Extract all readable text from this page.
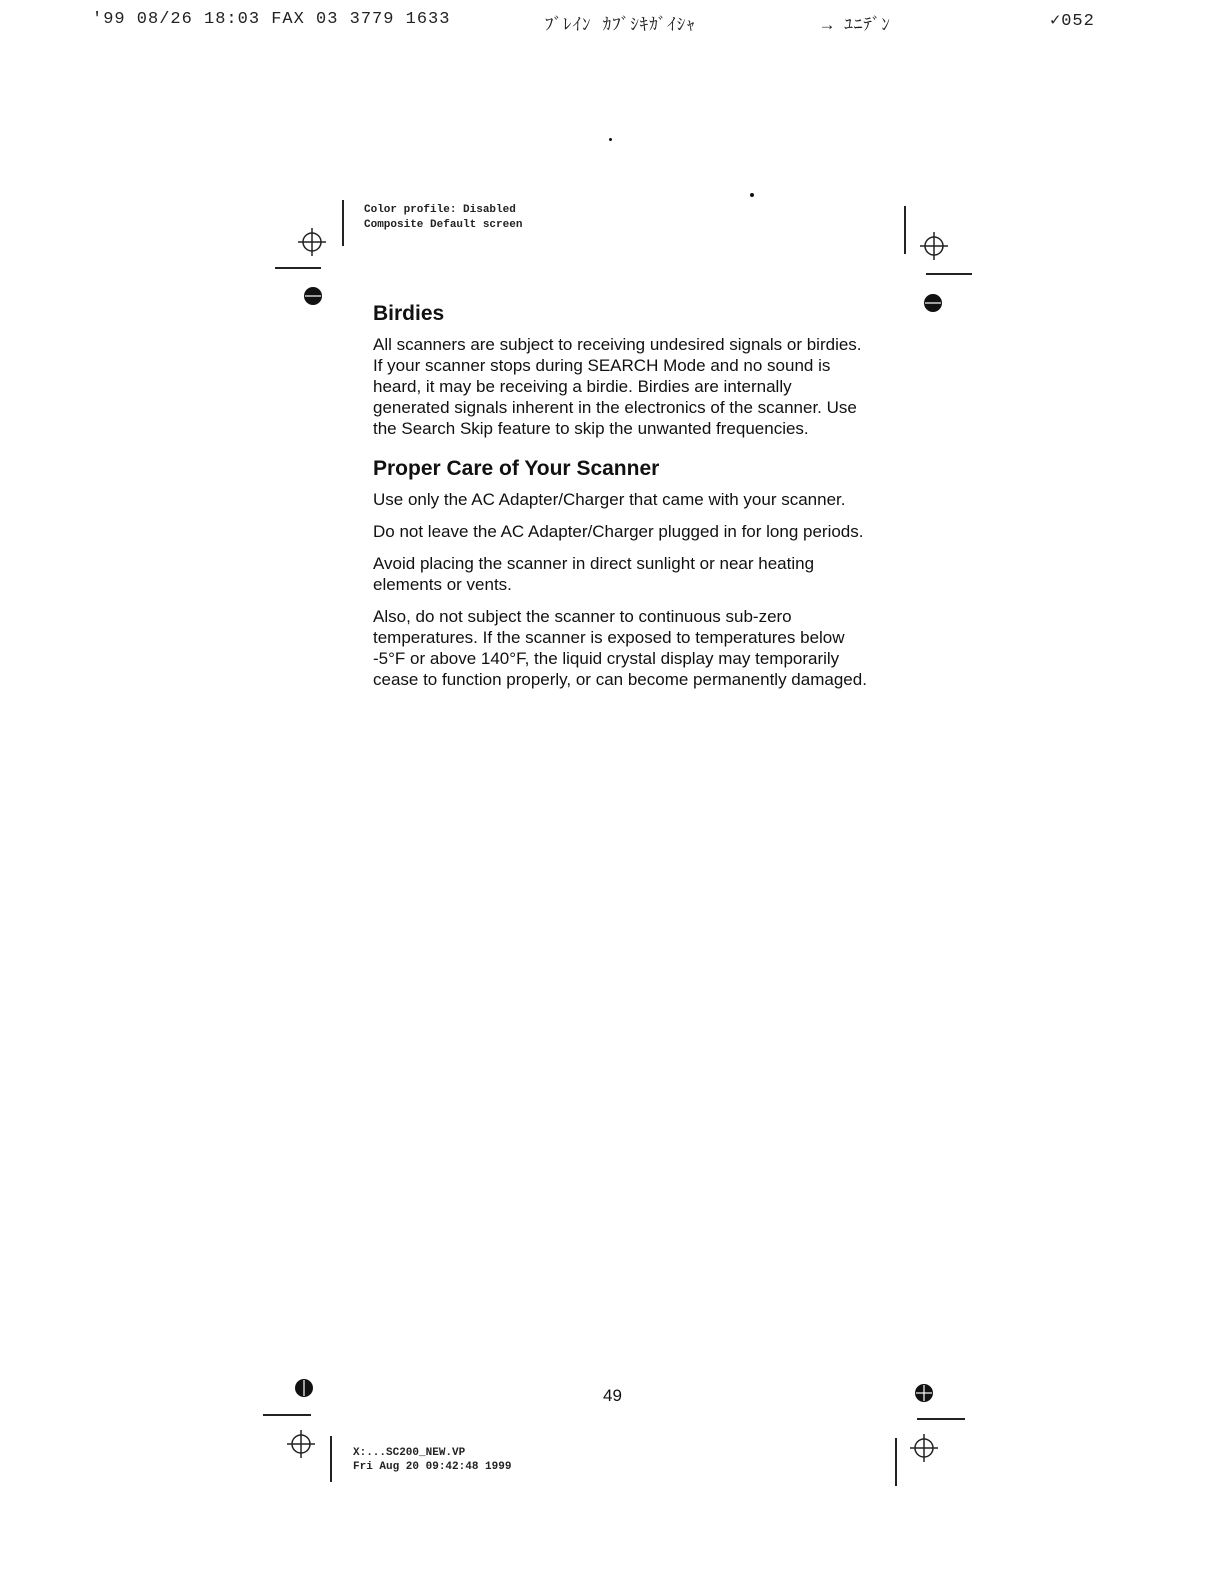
'99 08/26 18:03 FAX 03 3779 1633	ﾌﾞﾚｲﾝ ｶﾌﾞｼｷｶﾞｲｼｬ	→ ﾕﾆﾃﾞﾝ	✓052
Color profile: Disabled
Composite Default screen
Birdies

All scanners are subject to receiving undesired signals or birdies. If your scanner stops during SEARCH Mode and no sound is heard, it may be receiving a birdie. Birdies are internally generated signals inherent in the electronics of the scanner. Use the Search Skip feature to skip the unwanted frequencies.

Proper Care of Your Scanner

Use only the AC Adapter/Charger that came with your scanner.

Do not leave the AC Adapter/Charger plugged in for long periods.

Avoid placing the scanner in direct sunlight or near heating elements or vents.

Also, do not subject the scanner to continuous sub-zero temperatures. If the scanner is exposed to temperatures below -5°F or above 140°F, the liquid crystal display may temporarily cease to function properly, or can become permanently damaged.

49
X:...SC200_NEW.VP
Fri Aug 20 09:42:48 1999
